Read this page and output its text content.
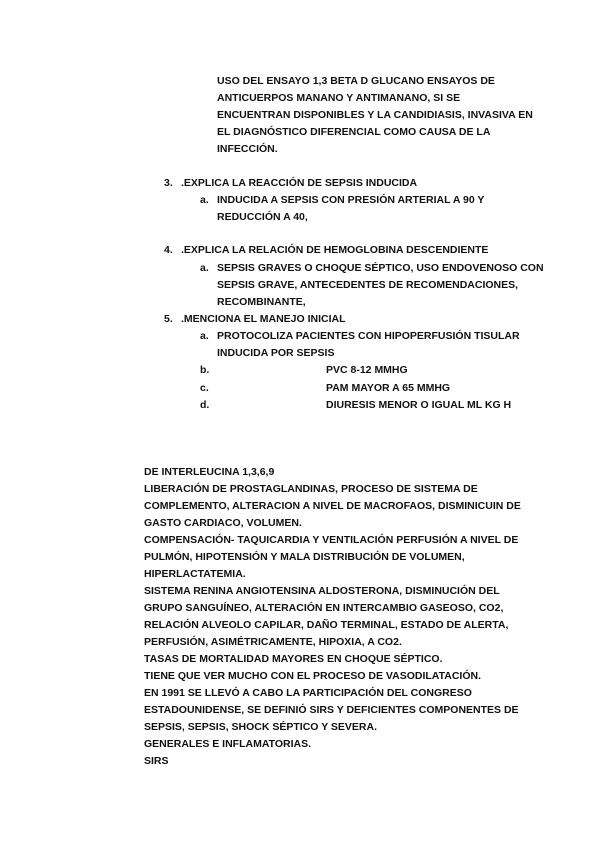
USO DEL ENSAYO 1,3 BETA D GLUCANO ENSAYOS DE
ANTICUERPOS MANANO Y ANTIMANANO, SI SE
ENCUENTRAN DISPONIBLES Y LA CANDIDIASIS, INVASIVA EN
EL DIAGNÓSTICO DIFERENCIAL COMO CAUSA DE LA
INFECCIÓN.
3. .EXPLICA LA REACCIÓN DE SEPSIS INDUCIDA
a. INDUCIDA A SEPSIS CON PRESIÓN ARTERIAL A 90 Y
REDUCCIÓN A 40,
4. .EXPLICA LA RELACIÓN DE HEMOGLOBINA DESCENDIENTE
a. SEPSIS GRAVES O CHOQUE SÉPTICO, USO ENDOVENOSO CON
SEPSIS GRAVE, ANTECEDENTES DE RECOMENDACIONES,
RECOMBINANTE,
5. .MENCIONA EL MANEJO INICIAL
a. PROTOCOLIZA PACIENTES CON HIPOPERFUSIÓN TISULAR
INDUCIDA POR SEPSIS
b.	PVC 8-12 MMHG
c.	PAM MAYOR A 65 MMHG
d.	DIURESIS MENOR O IGUAL ML KG H
DE INTERLEUCINA 1,3,6,9
LIBERACIÓN DE PROSTAGLANDINAS, PROCESO DE SISTEMA DE
COMPLEMENTO, ALTERACION A NIVEL DE MACROFAOS, DISMINICUIN DE
GASTO CARDIACO, VOLUMEN.
COMPENSACIÓN- TAQUICARDIA Y VENTILACIÓN PERFUSIÓN A NIVEL DE
PULMÓN, HIPOTENSIÓN Y MALA DISTRIBUCIÓN DE VOLUMEN,
HIPERLACTATEMIA.
SISTEMA RENINA ANGIOTENSINA ALDOSTERONA, DISMINUCIÓN DEL
GRUPO SANGUÍNEO, ALTERACIÓN EN INTERCAMBIO GASEOSO, CO2,
RELACIÓN ALVEOLO CAPILAR, DAÑO TERMINAL, ESTADO DE ALERTA,
PERFUSIÓN, ASIMÉTRICAMENTE, HIPOXIA, A CO2.
TASAS DE MORTALIDAD MAYORES EN CHOQUE SÉPTICO.
TIENE QUE VER MUCHO CON EL PROCESO DE VASODILATACIÓN.
EN 1991 SE LLEVÓ A CABO LA PARTICIPACIÓN DEL CONGRESO
ESTADOUNIDENSE, SE DEFINIÓ SIRS Y DEFICIENTES COMPONENTES DE
SEPSIS, SEPSIS, SHOCK SÉPTICO Y SEVERA.
GENERALES E INFLAMATORIAS.
SIRS
